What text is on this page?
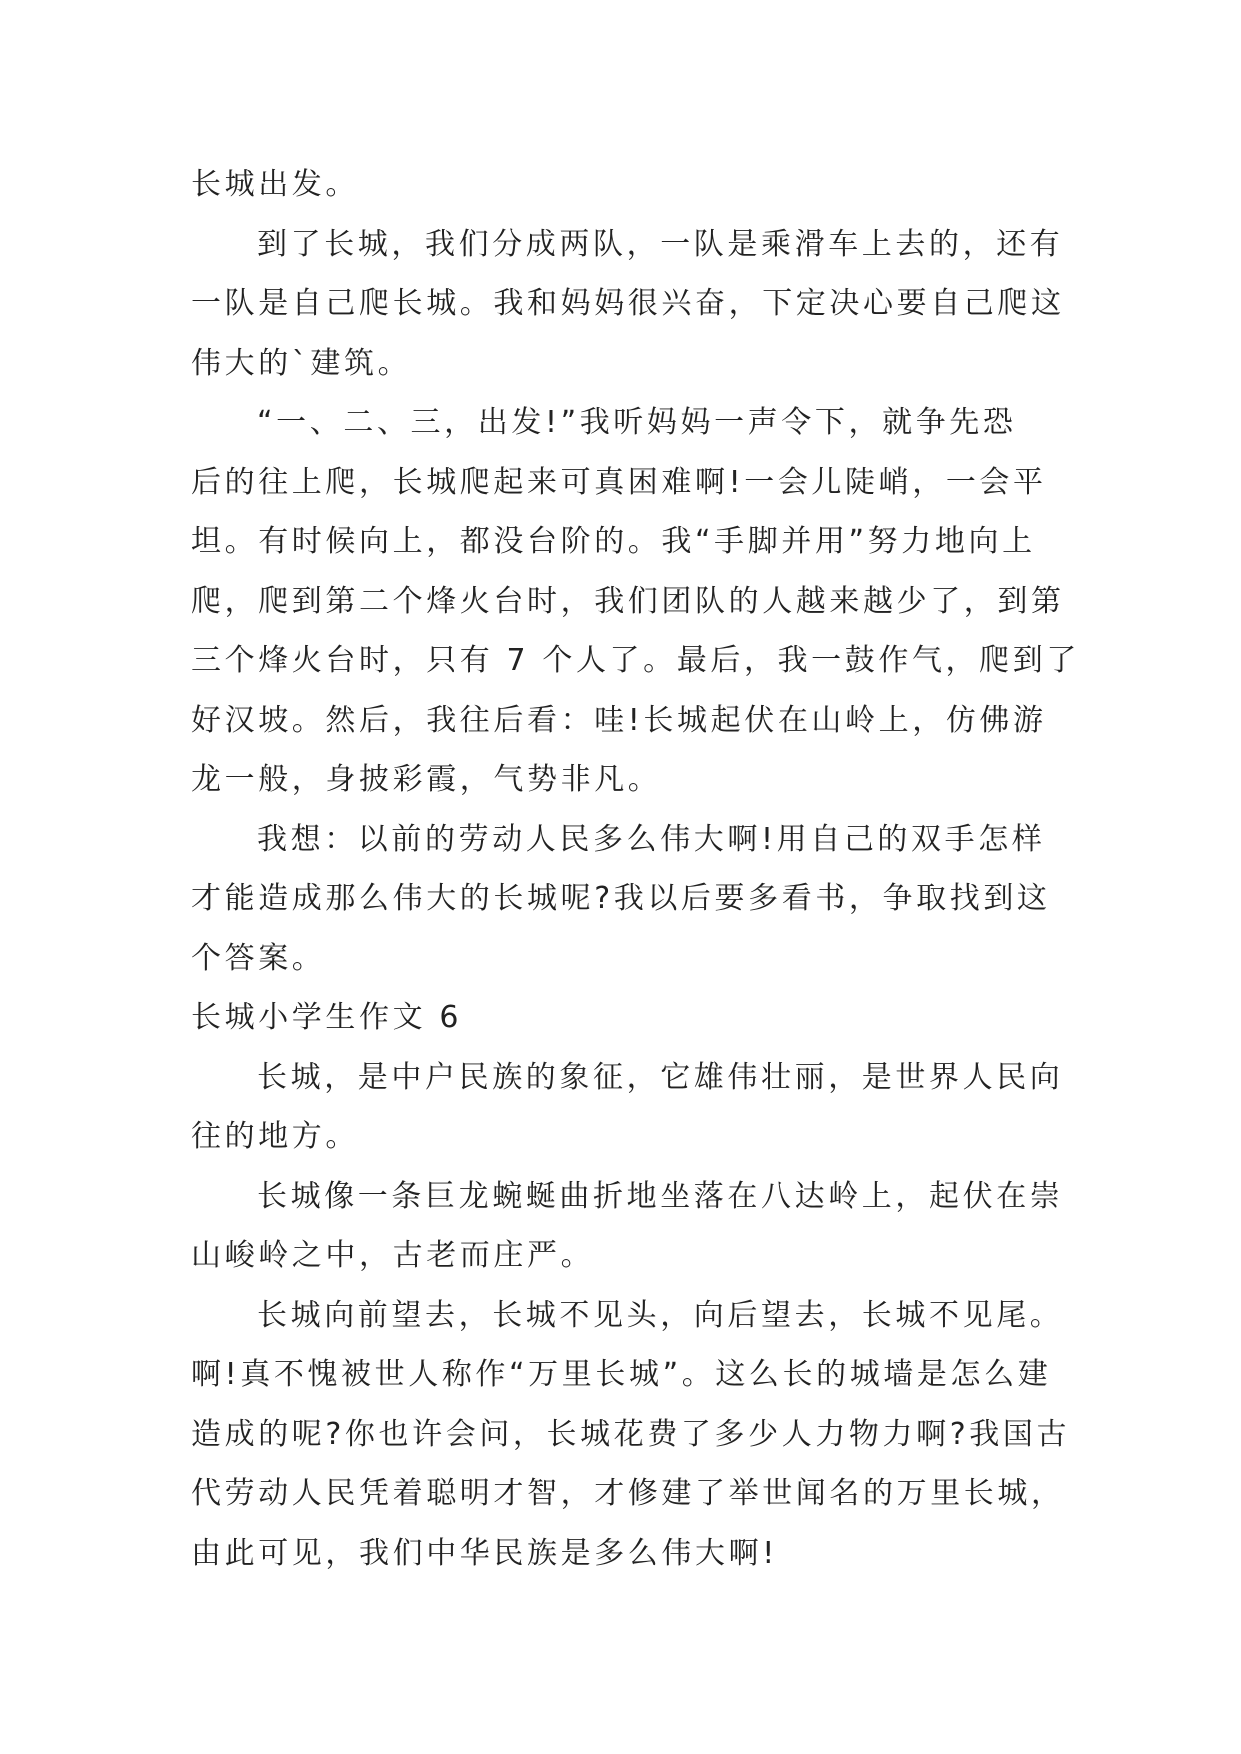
长城出发。
到了长城，我们分成两队，一队是乘滑车上去的，还有
一队是自己爬长城。我和妈妈很兴奋，下定决心要自己爬这
伟大的`建筑。
“一、二、三，出发!”我听妈妈一声令下，就争先恐
后的往上爬，长城爬起来可真困难啊!一会儿陡峭，一会平
坦。有时候向上，都没台阶的。我“手脚并用”努力地向上
爬，爬到第二个烽火台时，我们团队的人越来越少了，到第
三个烽火台时，只有 7 个人了。最后，我一鼓作气，爬到了
好汉坡。然后，我往后看：哇!长城起伏在山岭上，仿佛游
龙一般，身披彩霞，气势非凡。
我想：以前的劳动人民多么伟大啊!用自己的双手怎样
才能造成那么伟大的长城呢?我以后要多看书，争取找到这
个答案。
长城小学生作文 6
长城，是中户民族的象征，它雄伟壮丽，是世界人民向
往的地方。
长城像一条巨龙蜿蜒曲折地坐落在八达岭上，起伏在崇
山峻岭之中，古老而庄严。
长城向前望去，长城不见头，向后望去，长城不见尾。
啊!真不愧被世人称作“万里长城”。这么长的城墙是怎么建
造成的呢?你也许会问，长城花费了多少人力物力啊?我国古
代劳动人民凭着聪明才智，才修建了举世闻名的万里长城，
由此可见，我们中华民族是多么伟大啊!
